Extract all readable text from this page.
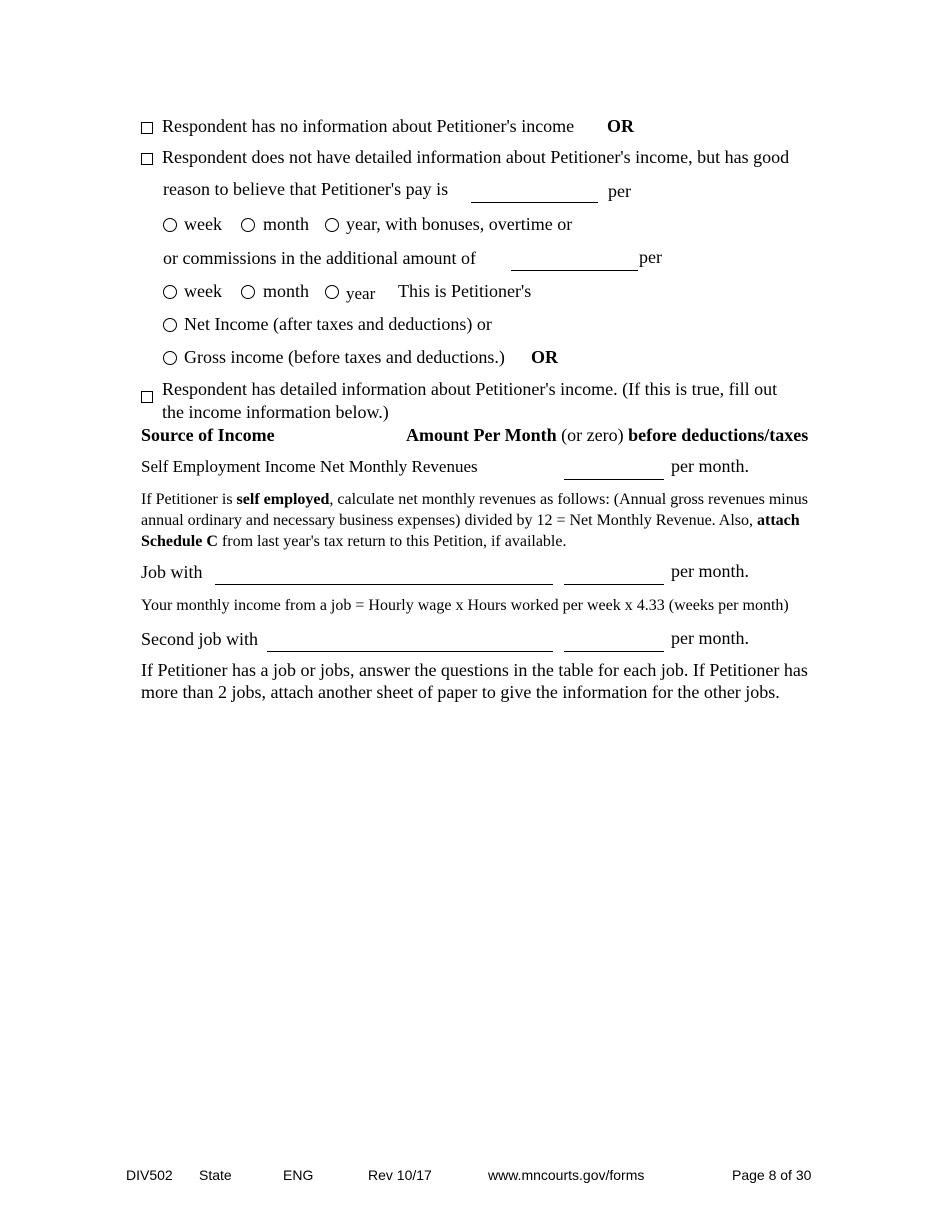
Respondent has no information about Petitioner's income OR
Respondent does not have detailed information about Petitioner's income, but has good
reason to believe that Petitioner's pay is	per
week month year, with bonuses, overtime or
or commissions in the additional amount of	per
week month year This is Petitioner's
Net Income (after taxes and deductions) or
Gross income (before taxes and deductions.) OR
Respondent has detailed information about Petitioner's income. (If this is true, fill out
the income information below.)
Source of Income	Amount Per Month (or zero) before deductions/taxes
Self Employment Income Net Monthly Revenues	per month.
If Petitioner is self employed, calculate net monthly revenues as follows: (Annual gross revenues minus annual ordinary and necessary business expenses) divided by 12 = Net Monthly Revenue. Also, attach Schedule C from last year's tax return to this Petition, if available.
Job with	per month.
Your monthly income from a job = Hourly wage x Hours worked per week x 4.33 (weeks per month)
Second job with	per month.
If Petitioner has a job or jobs, answer the questions in the table for each job. If Petitioner has more than 2 jobs, attach another sheet of paper to give the information for the other jobs.
DIV502 State	ENG	Rev 10/17	www.mncourts.gov/forms	Page 8 of 30
